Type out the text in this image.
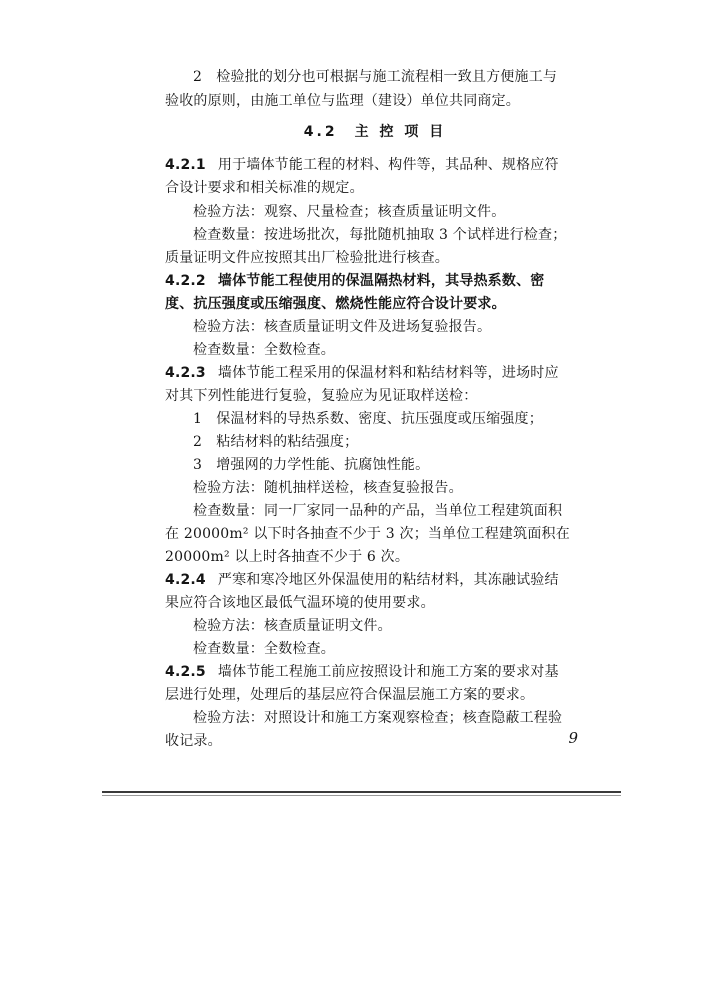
2　检验批的划分也可根据与施工流程相一致且方便施工与
验收的原则，由施工单位与监理（建设）单位共同商定。
4.2　主 控 项 目
4.2.1 用于墙体节能工程的材料、构件等，其品种、规格应符
合设计要求和相关标准的规定。
检验方法：观察、尺量检查；核查质量证明文件。
检查数量：按进场批次，每批随机抽取 3 个试样进行检查；
质量证明文件应按照其出厂检验批进行核查。
4.2.2 墙体节能工程使用的保温隔热材料，其导热系数、密
度、抗压强度或压缩强度、燃烧性能应符合设计要求。
检验方法：核查质量证明文件及进场复验报告。
检查数量：全数检查。
4.2.3 墙体节能工程采用的保温材料和粘结材料等，进场时应
对其下列性能进行复验，复验应为见证取样送检：
1　保温材料的导热系数、密度、抗压强度或压缩强度；
2　粘结材料的粘结强度；
3　增强网的力学性能、抗腐蚀性能。
检验方法：随机抽样送检，核查复验报告。
检查数量：同一厂家同一品种的产品，当单位工程建筑面积
在 20000m² 以下时各抽查不少于 3 次；当单位工程建筑面积在
20000m² 以上时各抽查不少于 6 次。
4.2.4 严寒和寒冷地区外保温使用的粘结材料，其冻融试验结
果应符合该地区最低气温环境的使用要求。
检验方法：核查质量证明文件。
检查数量：全数检查。
4.2.5 墙体节能工程施工前应按照设计和施工方案的要求对基
层进行处理，处理后的基层应符合保温层施工方案的要求。
检验方法：对照设计和施工方案观察检查；核查隐蔽工程验
收记录。	9
